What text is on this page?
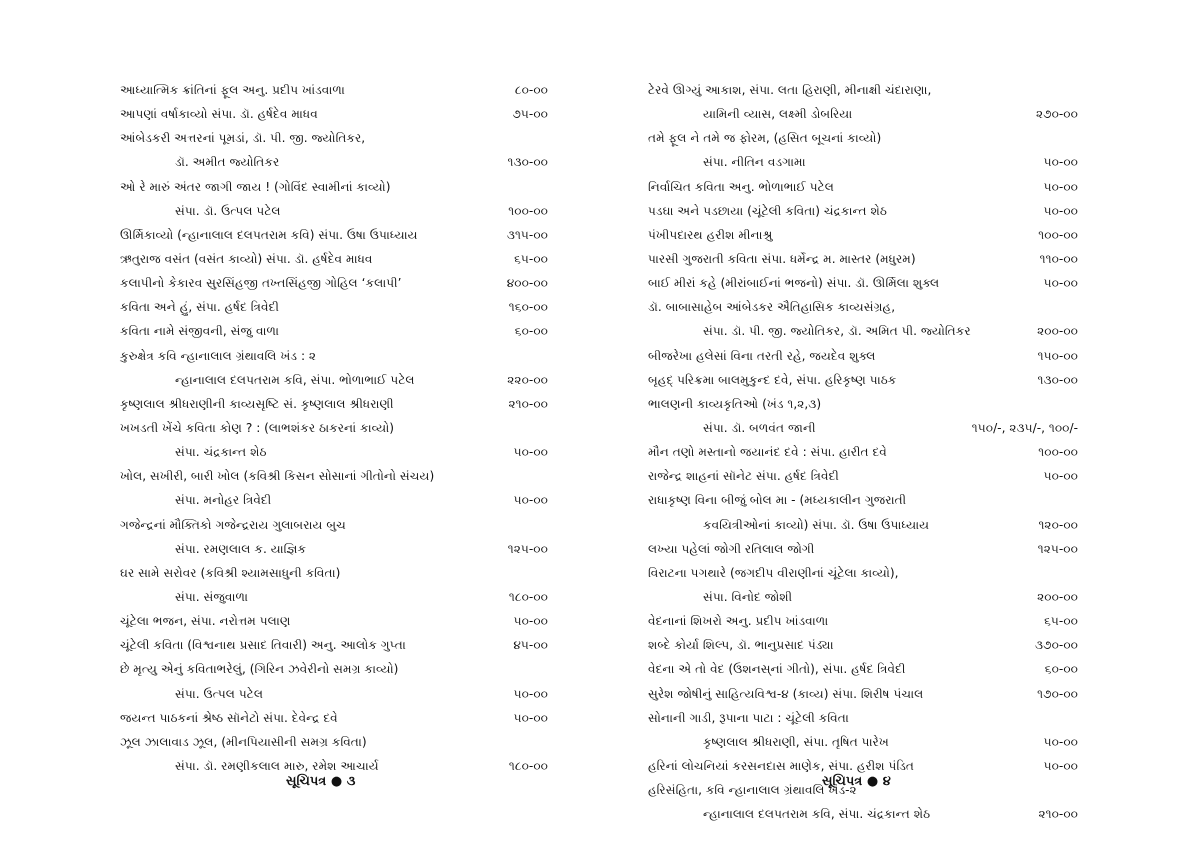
આધ્યાત્મિક ક્રાંતિનાં ફૂલ અનુ. પ્રદીપ ખાંડવાળા	૮૦-૦૦
આપણાં વર્ષાકાવ્યો સંપા. ડૉ. હર્ષદેવ માધવ	૭૫-૦૦
આંબેડકરી અત્તરનાં પૂમડાં, ડૉ. પી. જી. જ્યોતિકર,
ડૉ. અમીત જ્યોતિકર	૧૩૦-૦૦
ઓ રે મારું અંતર જાગી જાય ! (ગોવિંદ સ્વામીનાં કાવ્યો)
સંપા. ડૉ. ઉત્પલ પટેલ	૧૦૦-૦૦
ઊર્મિકાવ્યો (ન્હાનાલાલ દલપતરામ કવિ) સંપા. ઉષા ઉપાધ્યાય	૩૧૫-૦૦
ઋતુરાજ વસંત (વસંત કાવ્યો) સંપા. ડૉ. હર્ષદેવ માધવ	૬૫-૦૦
કલાપીનો કેકારવ સુરસિંહજી તખ્તસિંહજી ગોહિલ ‘કલાપી’	૪૦૦-૦૦
કવિતા અને હું, સંપા. હર્ષદ ત્રિવેદી	૧૬૦-૦૦
કવિતા નામે સંજીવની, સંજુ વાળા	૬૦-૦૦
કુરુક્ષેત્ર કવિ ન્હાનાલાલ ગ્રંથાવલિ ખંડ : ૨
ન્હાનાલાલ દલપતરામ કવિ, સંપા. ભોળાભાઈ પટેલ	૨૨૦-૦૦
કૃષ્ણલાલ શ્રીધરાણીની કાવ્યસૃષ્ટિ સં. કૃષ્ણલાલ શ્રીધરાણી	૨૧૦-૦૦
ખખડતી ખેંચે કવિતા કોણ ? : (લાભશંકર ઠાકરનાં કાવ્યો)
સંપા. ચંદ્રકાન્ત શેઠ	૫૦-૦૦
ખોલ, સખીરી, બારી ખોલ (કવિશ્રી કિસન સોસાનાં ગીતોનો સંચય)
સંપા. મનોહર ત્રિવેદી	૫૦-૦૦
ગજેન્દ્રનાં મૌક્તિકો ગજેન્દ્રરાય ગુલાબરાય બુચ
સંપા. રમણલાલ ક. યાજ્ઞિક	૧૨૫-૦૦
ઘર સામે સરોવર (કવિશ્રી શ્યામસાધુની કવિતા)
સંપા. સંજુવાળા	૧૮૦-૦૦
ચૂંટેલા ભજન, સંપા. નરોત્તમ પલાણ	૫૦-૦૦
ચૂંટેલી કવિતા (વિશ્વનાથ પ્રસાદ તિવારી) અનુ. આલોક ગુપ્તા	૪૫-૦૦
છે મૃત્યુ એનું કવિતાભરેલું, (ગિરિન ઝવેરીનો સમગ્ર કાવ્યો)
સંપા. ઉત્પલ પટેલ	૫૦-૦૦
જયન્ત પાઠકનાં શ્રેષ્ઠ સૉનેટો સંપા. દેવેન્દ્ર દવે	૫૦-૦૦
ઝૂલ ઝાલાવાડ ઝૂલ, (મીનપિયાસીની સમગ્ર કવિતા)
સંપા. ડૉ. રમણીકલાલ મારુ, રમેશ આચાર્ય	૧૮૦-૦૦
ટેરવે ઊગ્યું આકાશ, સંપા. લતા હિરાણી, મીનાક્ષી ચંદારાણા,
યામિની વ્યાસ, લક્ષ્મી ડોબરિયા	૨૭૦-૦૦
તમે ફૂલ ને તમે જ ફોરમ, (હસિત બૂચનાં કાવ્યો)
સંપા. નીતિન વડગામા	૫૦-૦૦
નિર્વાચિત કવિતા અનુ. ભોળાભાઈ પટેલ	૫૦-૦૦
પડઘા અને પડછાયા (ચૂંટેલી કવિતા) ચંદ્રકાન્ત શેઠ	૫૦-૦૦
પંખીપદારથ હરીશ મીનાશ્રુ	૧૦૦-૦૦
પારસી ગુજરાતી કવિતા સંપા. ધર્મેન્દ્ર મ. માસ્તર (મધુરમ)	૧૧૦-૦૦
બાઈ મીરાં કહે (મીરાંબાઈનાં ભજનો) સંપા. ડૉ. ઊર્મિલા શુક્લ	૫૦-૦૦
ડૉ. બાબાસાહેબ આંબેડકર ઐતિહાસિક કાવ્યસંગ્રહ,
સંપા. ડૉ. પી. જી. જ્યોતિકર, ડૉ. અમિત પી. જ્યોતિકર	૨૦૦-૦૦
બીજરેખા હલેસાં વિના તરતી રહે, જયદેવ શુક્લ	૧૫૦-૦૦
બૃહદ્ પરિક્રમા બાલમુકુન્દ દવે, સંપા. હરિકૃષ્ણ પાઠક	૧૩૦-૦૦
ભાલણની કાવ્યકૃતિઓ (ખંડ ૧,૨,૩)
સંપા. ડૉ. બળવંત જાની	૧૫૦/-, ૨૩૫/-, ૧૦૦/-
મૌન તણો મસ્તાનો જયાનંદ દવે : સંપા. હારીત દવે	૧૦૦-૦૦
રાજેન્દ્ર શાહનાં સૉનેટ સંપા. હર્ષદ ત્રિવેદી	૫૦-૦૦
રાધાકૃષ્ણ વિના બીજું બોલ મા - (મધ્યકાલીન ગુજરાતી
કવયિત્રીઓનાં કાવ્યો) સંપા. ડૉ. ઉષા ઉપાધ્યાય	૧૨૦-૦૦
લખ્યા પહેલાં જોગી રતિલાલ જોગી	૧૨૫-૦૦
વિરાટના પગથારે (જગદીપ વીરાણીનાં ચૂંટેલા કાવ્યો),
સંપા. વિનોદ જોશી	૨૦૦-૦૦
વેદનાનાં શિખરો અનુ. પ્રદીપ ખાંડવાળા	૬૫-૦૦
શબ્દે કોર્યા શિલ્પ, ડૉ. ભાનુપ્રસાદ પંડ્યા	૩૭૦-૦૦
વેદના એ તો વેદ (ઉશનસ્‌નાં ગીતો), સંપા. હર્ષદ ત્રિવેદી	૬૦-૦૦
સુરેશ જોષીનું સાહિત્યવિશ્વ-૪ (કાવ્ય) સંપા. શિરીષ પંચાલ	૧૭૦-૦૦
સોનાની ગાડી, રૂપાના પાટા : ચૂંટેલી કવિતા
કૃષ્ણલાલ શ્રીધરાણી, સંપા. તૃષિત પારેખ	૫૦-૦૦
હરિનાં લોચનિયાં કરસનદાસ માણેક, સંપા. હરીશ પંડિત	૫૦-૦૦
હરિસંહિતા, કવિ ન્હાનાલાલ ગ્રંથાવલિ ખંડ-૨
ન્હાનાલાલ દલપતરામ કવિ, સંપા. ચંદ્રકાન્ત શેઠ	૨૧૦-૦૦
સૂચિપત્ર ● ૩	સૂચિપત્ર ● ૪
